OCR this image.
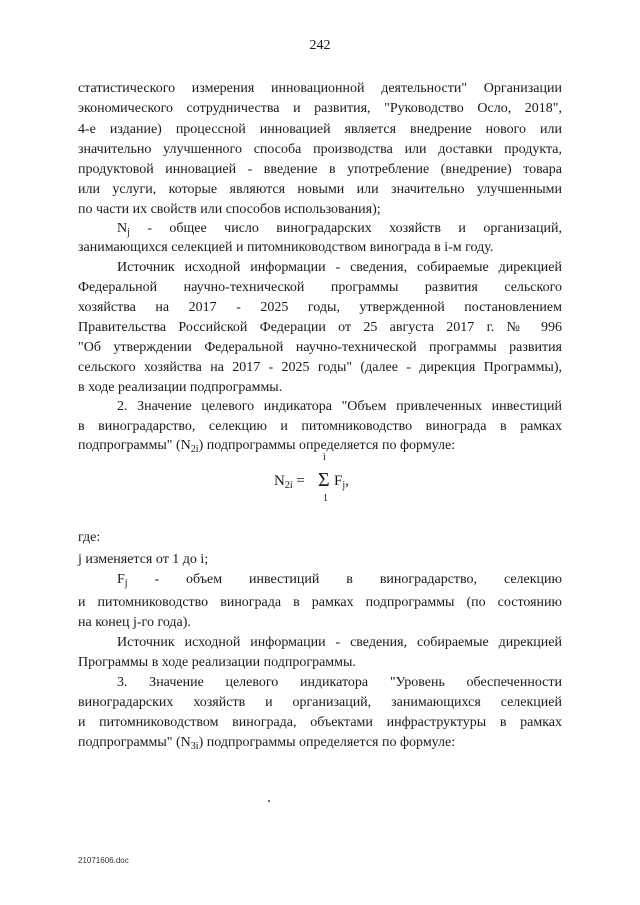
242
статистического измерения инновационной деятельности" Организации
экономического сотрудничества и развития, "Руководство Осло, 2018",
4-е издание) процессной инновацией является внедрение нового или
значительно улучшенного способа производства или доставки продукта,
продуктовой инновацией - введение в употребление (внедрение) товара
или услуги, которые являются новыми или значительно улучшенными
по части их свойств или способов использования);
$N_j$ - общее число виноградарских хозяйств и организаций,
занимающихся селекцией и питомниководством винограда в i-м году.
Источник исходной информации - сведения, собираемые дирекцией
Федеральной научно-технической программы развития сельского
хозяйства на 2017 - 2025 годы, утвержденной постановлением
Правительства Российской Федерации от 25 августа 2017 г. № 996
"Об утверждении Федеральной научно-технической программы развития
сельского хозяйства на 2017 - 2025 годы" (далее - дирекция Программы),
в ходе реализации подпрограммы.
2. Значение целевого индикатора "Объем привлеченных инвестиций
в виноградарство, селекцию и питомниководство винограда в рамках
подпрограммы" $(N_{2i})$ подпрограммы определяется по формуле:
где:
j изменяется от 1 до i;
$F_j$ - объем инвестиций в виноградарство, селекцию
и питомниководство винограда в рамках подпрограммы (по состоянию
на конец j-го года).
Источник исходной информации - сведения, собираемые дирекцией
Программы в ходе реализации подпрограммы.
3. Значение целевого индикатора "Уровень обеспеченности
виноградарских хозяйств и организаций, занимающихся селекцией
и питомниководством винограда, объектами инфраструктуры в рамках
подпрограммы" $(N_{3i})$ подпрограммы определяется по формуле:
$N_{2i}$ =
i
Σ
1
$F_j$,
21071606.doc
